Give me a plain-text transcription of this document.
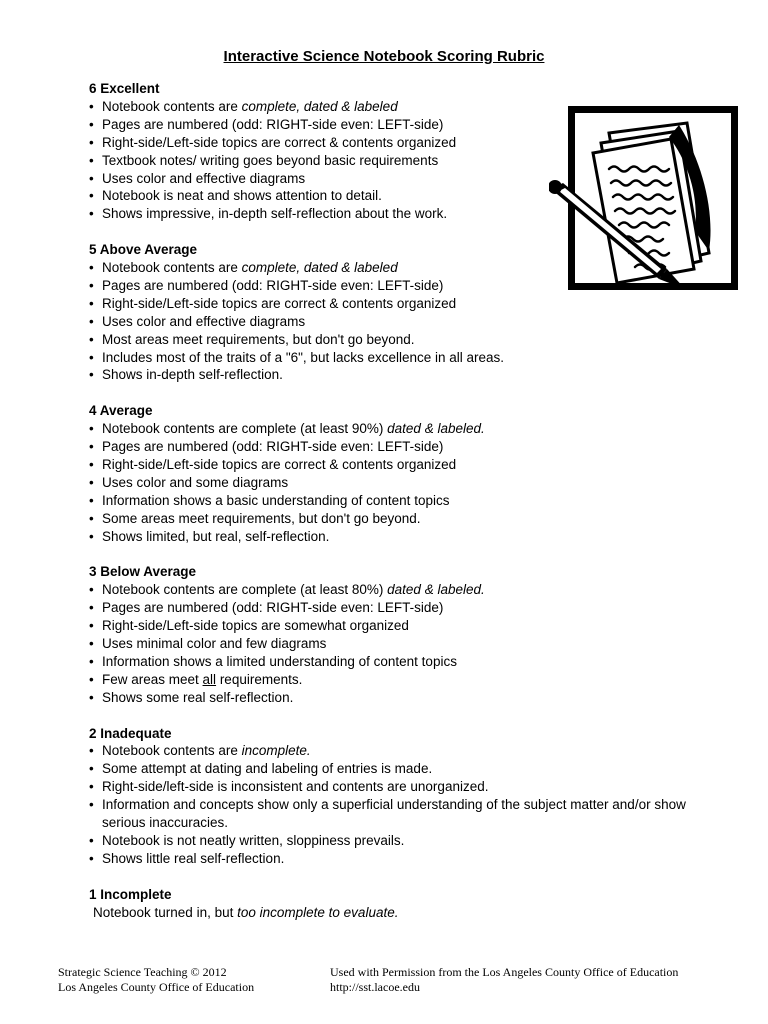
Interactive Science Notebook Scoring Rubric
6 Excellent
• Notebook contents are complete, dated & labeled
• Pages are numbered (odd: RIGHT-side even: LEFT-side)
• Right-side/Left-side topics are correct & contents organized
• Textbook notes/ writing goes beyond basic requirements
• Uses color and effective diagrams
• Notebook is neat and shows attention to detail.
• Shows impressive, in-depth self-reflection about the work.
5 Above Average
• Notebook contents are complete, dated & labeled
• Pages are numbered (odd: RIGHT-side even: LEFT-side)
• Right-side/Left-side topics are correct & contents organized
• Uses color and effective diagrams
• Most areas meet requirements, but don't go beyond.
• Includes most of the traits of a "6", but lacks excellence in all areas.
• Shows in-depth self-reflection.
4 Average
• Notebook contents are complete (at least 90%) dated & labeled.
• Pages are numbered (odd: RIGHT-side even: LEFT-side)
• Right-side/Left-side topics are correct & contents organized
• Uses color and some diagrams
• Information shows a basic understanding of content topics
• Some areas meet requirements, but don't go beyond.
• Shows limited, but real, self-reflection.
3 Below Average
• Notebook contents are complete (at least 80%) dated & labeled.
• Pages are numbered (odd: RIGHT-side even: LEFT-side)
• Right-side/Left-side topics are somewhat organized
• Uses minimal color and few diagrams
• Information shows a limited understanding of content topics
• Few areas meet all requirements.
• Shows some real self-reflection.
2 Inadequate
• Notebook contents are incomplete.
• Some attempt at dating and labeling of entries is made.
• Right-side/left-side is inconsistent and contents are unorganized.
• Information and concepts show only a superficial understanding of the subject matter and/or show serious inaccuracies.
• Notebook is not neatly written, sloppiness prevails.
• Shows little real self-reflection.
1 Incomplete
Notebook turned in, but too incomplete to evaluate.
Strategic Science Teaching © 2012
Los Angeles County Office of Education
Used with Permission from the Los Angeles County Office of Education
http://sst.lacoe.edu
